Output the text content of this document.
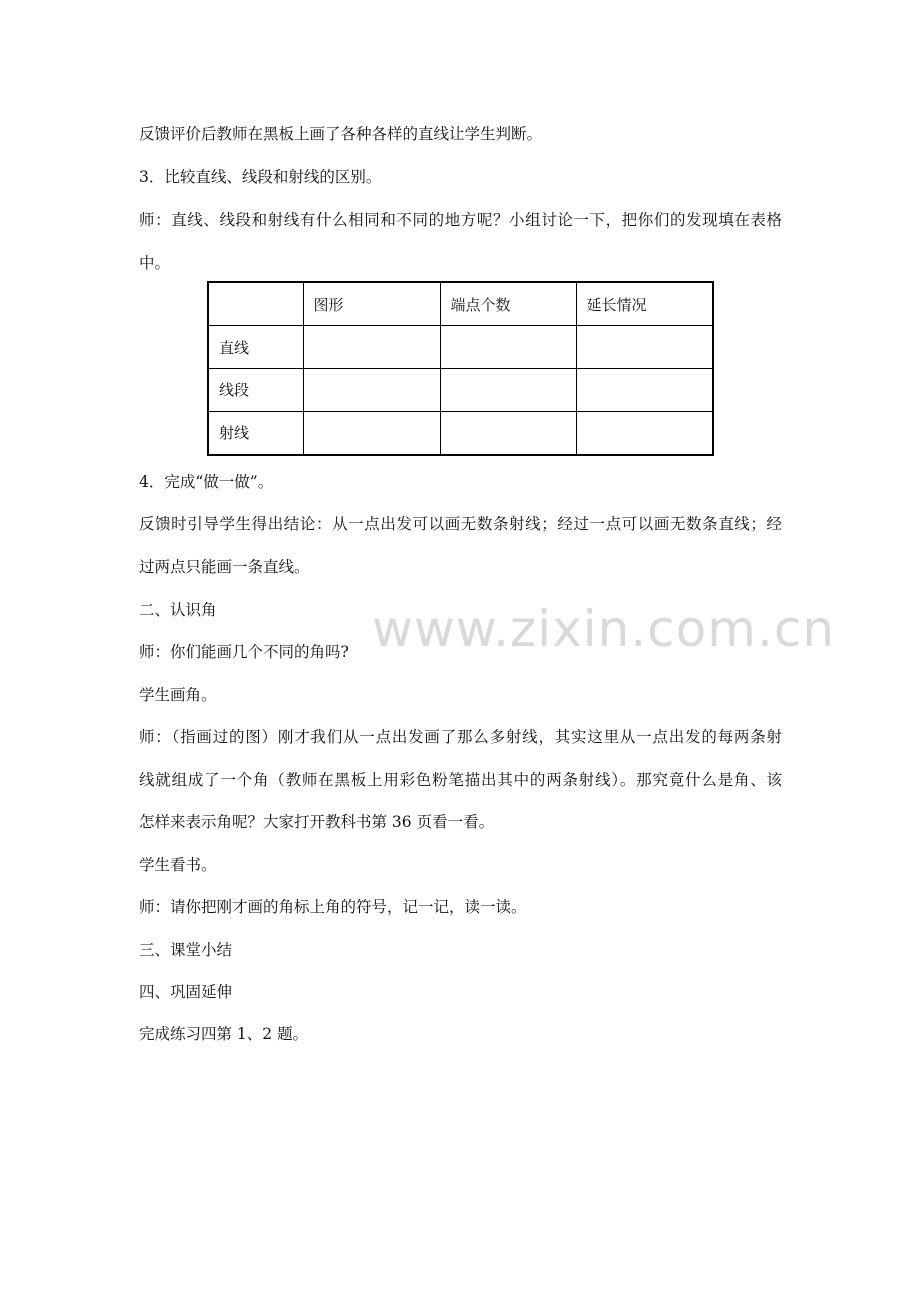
反馈评价后教师在黑板上画了各种各样的直线让学生判断。
3．比较直线、线段和射线的区别。
师：直线、线段和射线有什么相同和不同的地方呢？小组讨论一下，把你们的发现填在表格
中。
	图形	端点个数	延长情况
直线			
线段			
射线			
4．完成“做一做”。
反馈时引导学生得出结论：从一点出发可以画无数条射线；经过一点可以画无数条直线；经
过两点只能画一条直线。
二、认识角
师：你们能画几个不同的角吗?
学生画角。
师：（指画过的图）刚才我们从一点出发画了那么多射线，其实这里从一点出发的每两条射
线就组成了一个角（教师在黑板上用彩色粉笔描出其中的两条射线）。那究竟什么是角、该
怎样来表示角呢？大家打开教科书第 36 页看一看。
学生看书。
师：请你把刚才画的角标上角的符号，记一记，读一读。
三、课堂小结
四、巩固延伸
完成练习四第 1、2 题。
www.zixin.com.cn
